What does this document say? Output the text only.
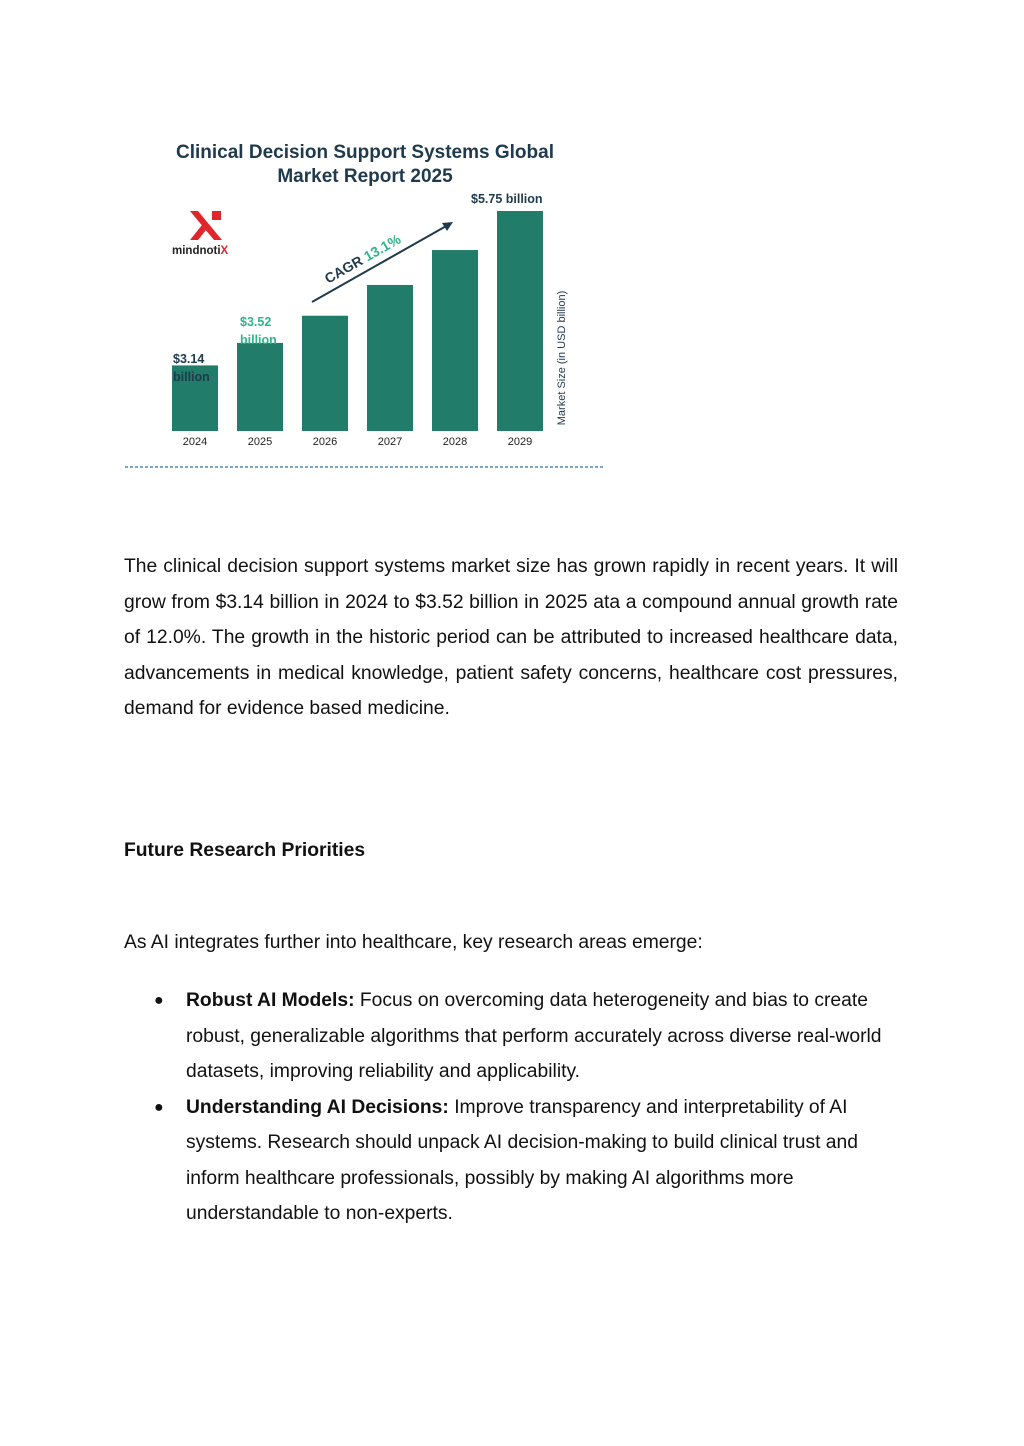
Clinical Decision Support Systems Global
Market Report 2025
mindnotiX
CAGR 13.1%
2024	2025	2026	2027	2028	2029
$3.14
billion
$3.52
billion
$5.75 billion
Market Size (in USD billion)

The clinical decision support systems market size has grown rapidly in recent years. It will grow from $3.14 billion in 2024 to $3.52 billion in 2025 ata a compound annual growth rate of 12.0%. The growth in the historic period can be attributed to increased healthcare data, advancements in medical knowledge, patient safety concerns, healthcare cost pressures, demand for evidence based medicine.

Future Research Priorities

As AI integrates further into healthcare, key research areas emerge:

● Robust AI Models: Focus on overcoming data heterogeneity and bias to create robust, generalizable algorithms that perform accurately across diverse real-world datasets, improving reliability and applicability.
● Understanding AI Decisions: Improve transparency and interpretability of AI systems. Research should unpack AI decision-making to build clinical trust and inform healthcare professionals, possibly by making AI algorithms more understandable to non-experts.
